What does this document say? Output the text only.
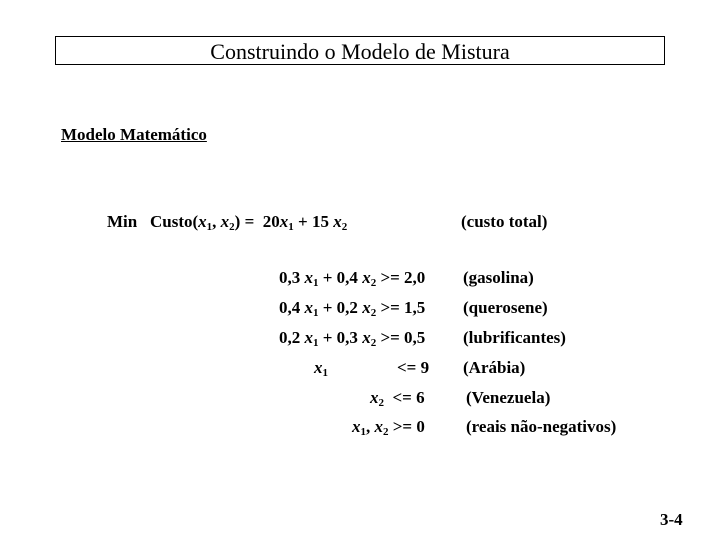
Construindo o Modelo de Mistura
Modelo Matemático
Min $Custo(x_1$, $x_2) = 20x_1 + 15$ $x_2$	(custo total)
0,3 $x_1 + 0,4$ $x_2 >= 2,0$ (gasolina)
0,4 $x_1 + 0,2$ $x_2 >= 1,5$ (querosene)
0,2 $x_1 + 0,3$ $x_2 >= 0,5$ (lubrificantes)
$x_1$	<= 9 (Arábia)
$x_2 <= 6$ (Venezuela)
$x_1$, $x_2 >= 0$ (reais não-negativos)
3-4
